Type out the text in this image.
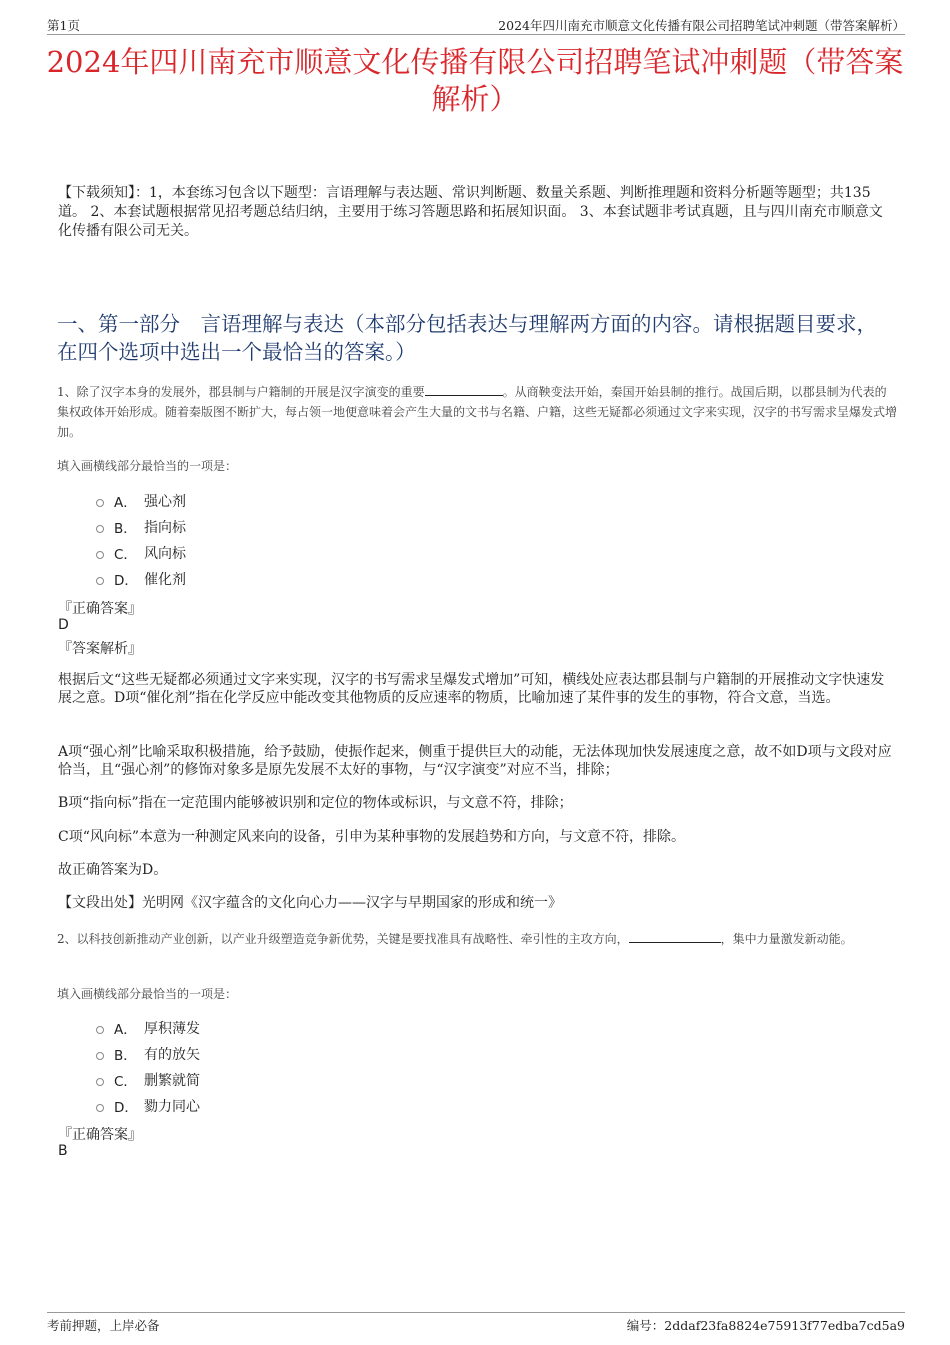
第1页	2024年四川南充市顺意文化传播有限公司招聘笔试冲刺题（带答案解析）
2024年四川南充市顺意文化传播有限公司招聘笔试冲刺题（带答案解析）
【下载须知】：1，本套练习包含以下题型：言语理解与表达题、常识判断题、数量关系题、判断推理题和资料分析题等题型；共135道。 2、本套试题根据常见招考题总结归纳，主要用于练习答题思路和拓展知识面。 3、本套试题非考试真题，且与四川南充市顺意文化传播有限公司无关。
一、第一部分　言语理解与表达（本部分包括表达与理解两方面的内容。请根据题目要求，在四个选项中选出一个最恰当的答案。）
1、除了汉字本身的发展外，郡县制与户籍制的开展是汉字演变的重要	。从商鞅变法开始，秦国开始县制的推行。战国后期，以郡县制为代表的集权政体开始形成。随着秦版图不断扩大，每占领一地便意味着会产生大量的文书与名籍、户籍，这些无疑都必须通过文字来实现，汉字的书写需求呈爆发式增加。
填入画横线部分最恰当的一项是：
A． 强心剂
B． 指向标
C． 风向标
D． 催化剂
『正确答案』
D
『答案解析』
根据后文“这些无疑都必须通过文字来实现，汉字的书写需求呈爆发式增加”可知，横线处应表达郡县制与户籍制的开展推动文字快速发展之意。D项“催化剂”指在化学反应中能改变其他物质的反应速率的物质，比喻加速了某件事的发生的事物，符合文意，当选。
A项“强心剂”比喻采取积极措施，给予鼓励，使振作起来，侧重于提供巨大的动能，无法体现加快发展速度之意，故不如D项与文段对应恰当，且“强心剂”的修饰对象多是原先发展不太好的事物，与“汉字演变”对应不当，排除；
B项“指向标”指在一定范围内能够被识别和定位的物体或标识，与文意不符，排除；
C项“风向标”本意为一种测定风来向的设备，引申为某种事物的发展趋势和方向，与文意不符，排除。
故正确答案为D。
【文段出处】光明网《汉字蕴含的文化向心力——汉字与早期国家的形成和统一》
2、以科技创新推动产业创新，以产业升级塑造竞争新优势，关键是要找准具有战略性、牵引性的主攻方向，	，集中力量激发新动能。
填入画横线部分最恰当的一项是：
A． 厚积薄发
B． 有的放矢
C． 删繁就简
D． 勠力同心
『正确答案』
B
考前押题，上岸必备	编号：2ddaf23fa8824e75913f77edba7cd5a9
